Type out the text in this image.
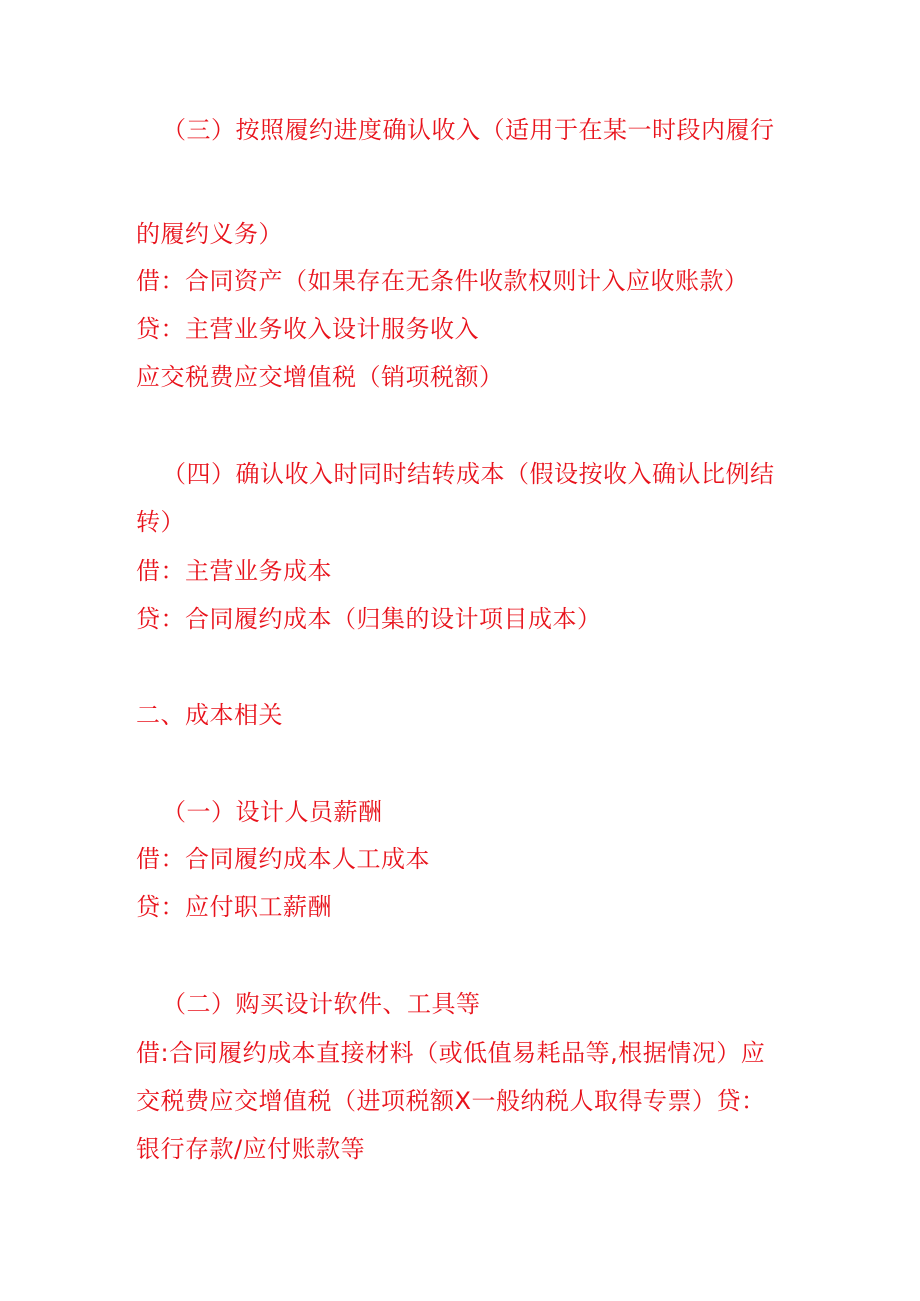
（三）按照履约进度确认收入（适用于在某一时段内履行
的履约义务）
借：合同资产（如果存在无条件收款权则计入应收账款）
贷：主营业务收入设计服务收入
应交税费应交增值税（销项税额）
（四）确认收入时同时结转成本（假设按收入确认比例结
转）
借：主营业务成本
贷：合同履约成本（归集的设计项目成本）
二、成本相关
（一）设计人员薪酬
借：合同履约成本人工成本
贷：应付职工薪酬
（二）购买设计软件、工具等
借:合同履约成本直接材料（或低值易耗品等,根据情况）应
交税费应交增值税（进项税额X一般纳税人取得专票）贷：
银行存款/应付账款等
